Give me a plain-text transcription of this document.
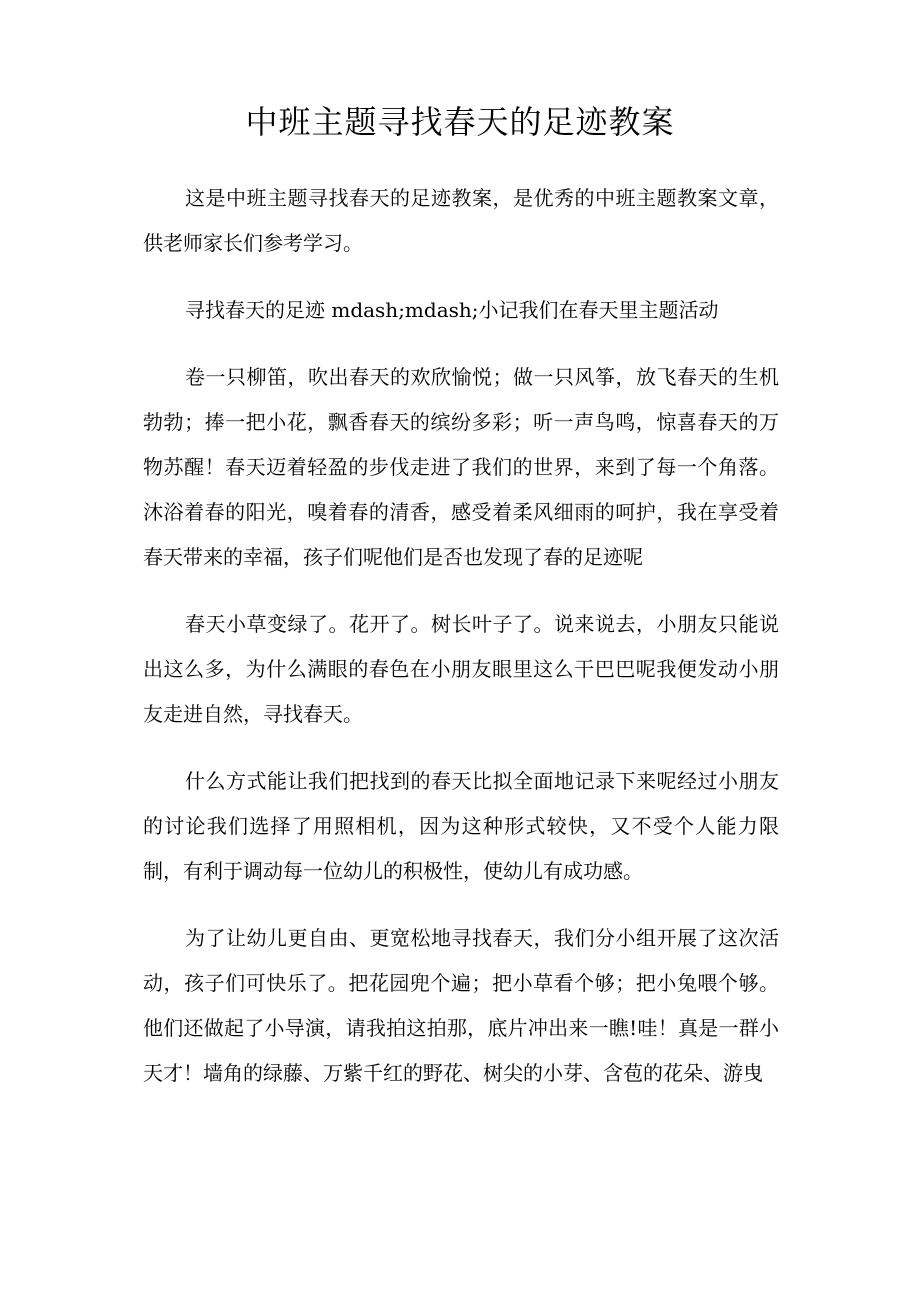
中班主题寻找春天的足迹教案

这是中班主题寻找春天的足迹教案，是优秀的中班主题教案文章，供老师家长们参考学习。

寻找春天的足迹 mdash;mdash;小记我们在春天里主题活动

卷一只柳笛，吹出春天的欢欣愉悦；做一只风筝，放飞春天的生机勃勃；捧一把小花，飘香春天的缤纷多彩；听一声鸟鸣，惊喜春天的万物苏醒！春天迈着轻盈的步伐走进了我们的世界，来到了每一个角落。沐浴着春的阳光，嗅着春的清香，感受着柔风细雨的呵护，我在享受着春天带来的幸福，孩子们呢他们是否也发现了春的足迹呢

春天小草变绿了。花开了。树长叶子了。说来说去，小朋友只能说出这么多，为什么满眼的春色在小朋友眼里这么干巴巴呢我便发动小朋友走进自然，寻找春天。

什么方式能让我们把找到的春天比拟全面地记录下来呢经过小朋友的讨论我们选择了用照相机，因为这种形式较快，又不受个人能力限制，有利于调动每一位幼儿的积极性，使幼儿有成功感。

为了让幼儿更自由、更宽松地寻找春天，我们分小组开展了这次活动，孩子们可快乐了。把花园兜个遍；把小草看个够；把小兔喂个够。他们还做起了小导演，请我拍这拍那，底片冲出来一瞧!哇！真是一群小天才！墙角的绿藤、万紫千红的野花、树尖的小芽、含苞的花朵、游曳
